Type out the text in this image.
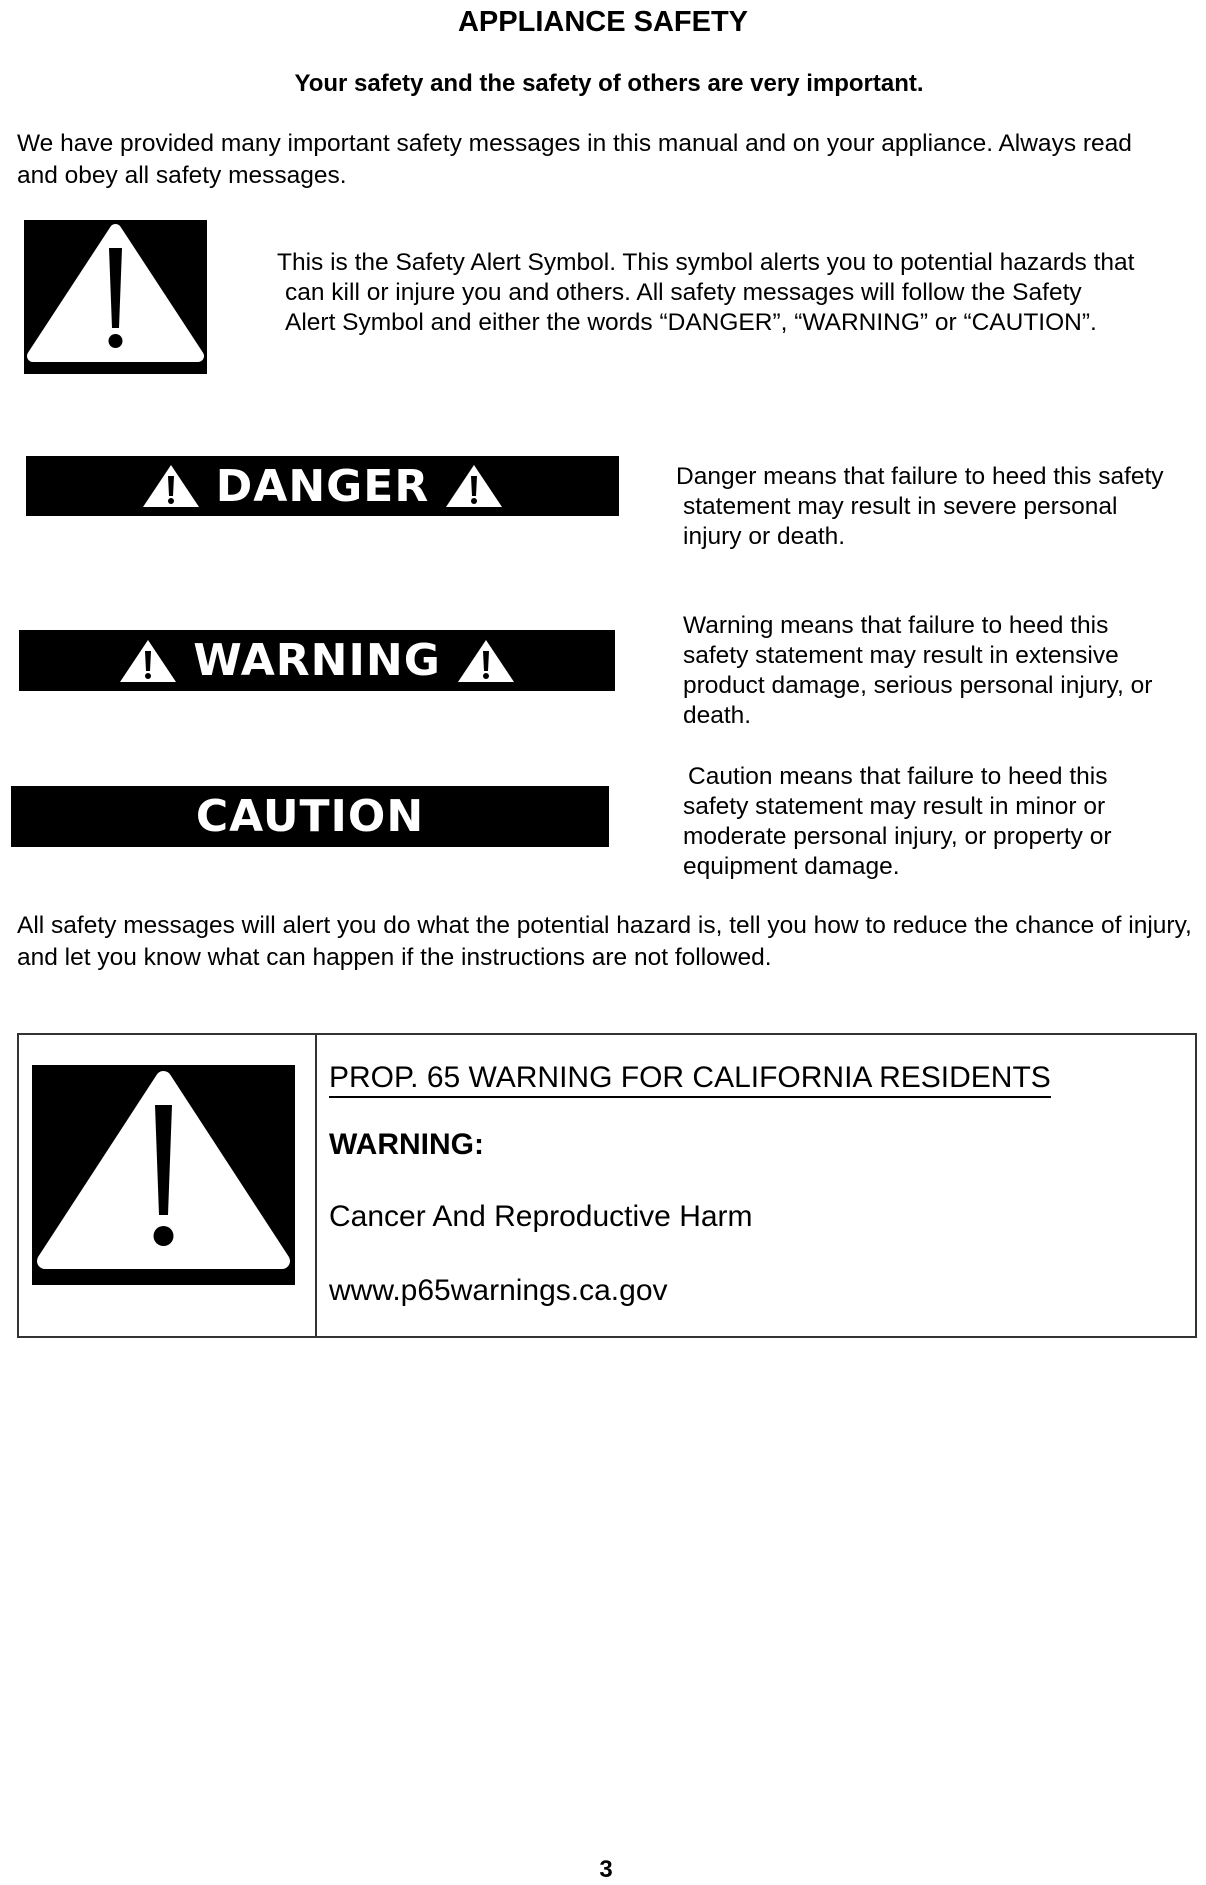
APPLIANCE SAFETY
Your safety and the safety of others are very important.
We have provided many important safety messages in this manual and on your appliance. Always read and obey all safety messages.
This is the Safety Alert Symbol. This symbol alerts you to potential hazards that
can kill or injure you and others. All safety messages will follow the Safety
Alert Symbol and either the words “DANGER”, “WARNING” or “CAUTION”.
DANGER	Danger means that failure to heed this safety
statement may result in severe personal
injury or death.
WARNING
Warning means that failure to heed this
safety statement may result in extensive
product damage, serious personal injury, or
death.
CAUTION
Caution means that failure to heed this
safety statement may result in minor or
moderate personal injury, or property or
equipment damage.
All safety messages will alert you do what the potential hazard is, tell you how to reduce the chance of injury, and let you know what can happen if the instructions are not followed.
PROP. 65 WARNING FOR CALIFORNIA RESIDENTS
WARNING:
Cancer And Reproductive Harm
www.p65warnings.ca.gov
3
